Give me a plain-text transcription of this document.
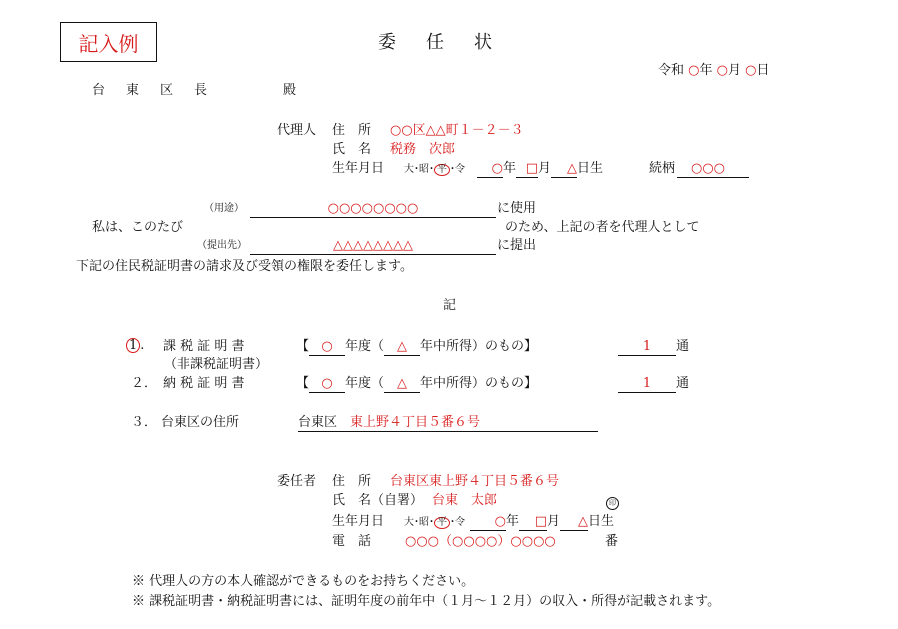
記入例	委任状
令和 ○年 ○月 ○日
台　東　区　長	殿
代理人 住　所 ○○区△△町１－２－３
氏　名 税務　次郎
生年月日 大･昭･ 平 ･令	○年 □月 △日生	続柄	○○○
（用途）	○○○○○○○○	に使用
私は、このたび	のため、上記の者を代理人として
（提出先）	△△△△△△△△	に提出
下記の住民税証明書の請求及び受領の権限を委任します。
記
1 . 課 税 証 明 書	【 ○ 年度（ △ 年中所得）のもの】	1 通
（非課税証明書）
２． 納 税 証 明 書	【 ○ 年度（ △ 年中所得）のもの】	1 通
３． 台東区の住所	台東区　 東上野４丁目５番６号
委任者 住　所 台東区東上野４丁目５番６号
氏　名（自署） 台東　太郎	印
生年月日 大･昭･ 平 ･令	○年 □月 △日生
電　話	○○○（○○○○）○○○○	番
※ 代理人の方の本人確認ができるものをお持ちください。
※ 課税証明書・納税証明書には、証明年度の前年中（１月～１２月）の収入・所得が記載されます。
